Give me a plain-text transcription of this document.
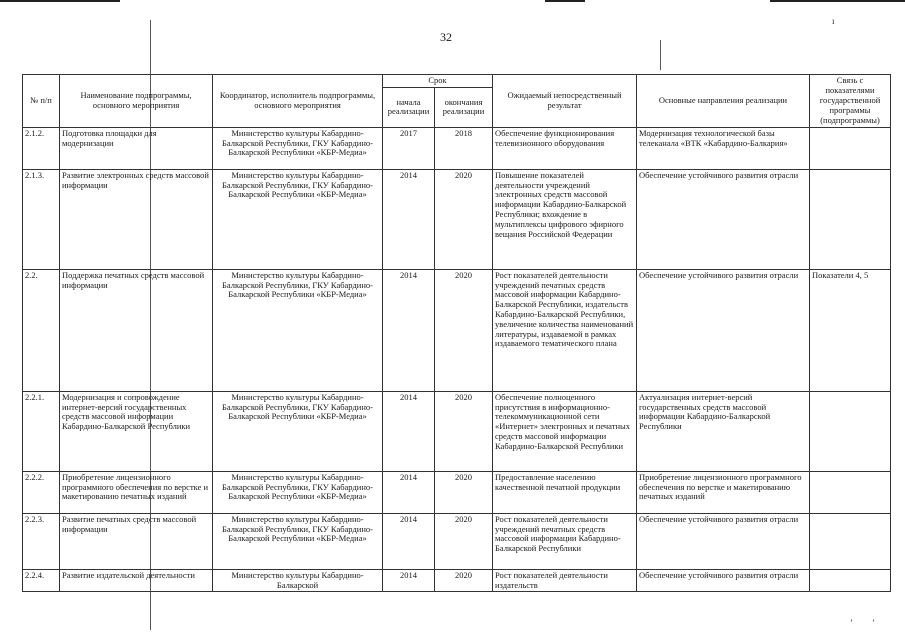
ı
ʼ ʼ
32
№ п/п	Наименование подпрограммы, основного мероприятия	Координатор, исполнитель подпрограммы, основного мероприятия	Срок		Ожидаемый непосредственный результат	Основные направления реализации	Связь с показателями государственной программы (подпрограммы)
			начала реализации	окончания реализации			
2.1.2.	Подготовка площадки для модернизации	Министерство культуры Кабардино-Балкарской Республики, ГКУ Кабардино-Балкарской Республики «КБР-Медиа»	2017	2018	Обеспечение функционирования телевизионного оборудования	Модернизация технологической базы телеканала «ВТК «Кабардино-Балкария»	
2.1.3.	Развитие электронных средств массовой информации	Министерство культуры Кабардино-Балкарской Республики, ГКУ Кабардино-Балкарской Республики «КБР-Медиа»	2014	2020	Повышение показателей деятельности учреждений электронных средств массовой информации Кабардино-Балкарской Республики; вхождение в мультиплексы цифрового эфирного вещания Российской Федерации	Обеспечение устойчивого развития отрасли	
2.2.	Поддержка печатных средств массовой информации	Министерство культуры Кабардино-Балкарской Республики, ГКУ Кабардино-Балкарской Республики «КБР-Медиа»	2014	2020	Рост показателей деятельности учреждений печатных средств массовой информации Кабардино-Балкарской Республики, издательств Кабардино-Балкарской Республики, увеличение количества наименований литературы, издаваемой в рамках издаваемого тематического плана	Обеспечение устойчивого развития отрасли	Показатели 4, 5
2.2.1.	Модернизация и сопровождение интернет-версий государственных средств массовой информации Кабардино-Балкарской Республики	Министерство культуры Кабардино-Балкарской Республики, ГКУ Кабардино-Балкарской Республики «КБР-Медиа»	2014	2020	Обеспечение полноценного присутствия в информационно-телекоммуникационной сети «Интернет» электронных и печатных средств массовой информации Кабардино-Балкарской Республики	Актуализация интернет-версий государственных средств массовой информации Кабардино-Балкарской Республики	
2.2.2.	Приобретение лицензионного программного обеспечения по верстке и макетированию печатных изданий	Министерство культуры Кабардино-Балкарской Республики, ГКУ Кабардино-Балкарской Республики «КБР-Медиа»	2014	2020	Предоставление населению качественной печатной продукции	Приобретение лицензионного программного обеспечения по верстке и макетированию печатных изданий	
2.2.3.	Развитие печатных средств массовой информации	Министерство культуры Кабардино-Балкарской Республики, ГКУ Кабардино-Балкарской Республики «КБР-Медиа»	2014	2020	Рост показателей деятельности учреждений печатных средств массовой информации Кабардино-Балкарской Республики	Обеспечение устойчивого развития отрасли	
2.2.4.	Развитие издательской деятельности	Министерство культуры Кабардино-Балкарской	2014	2020	Рост показателей деятельности издательств	Обеспечение устойчивого развития отрасли	
